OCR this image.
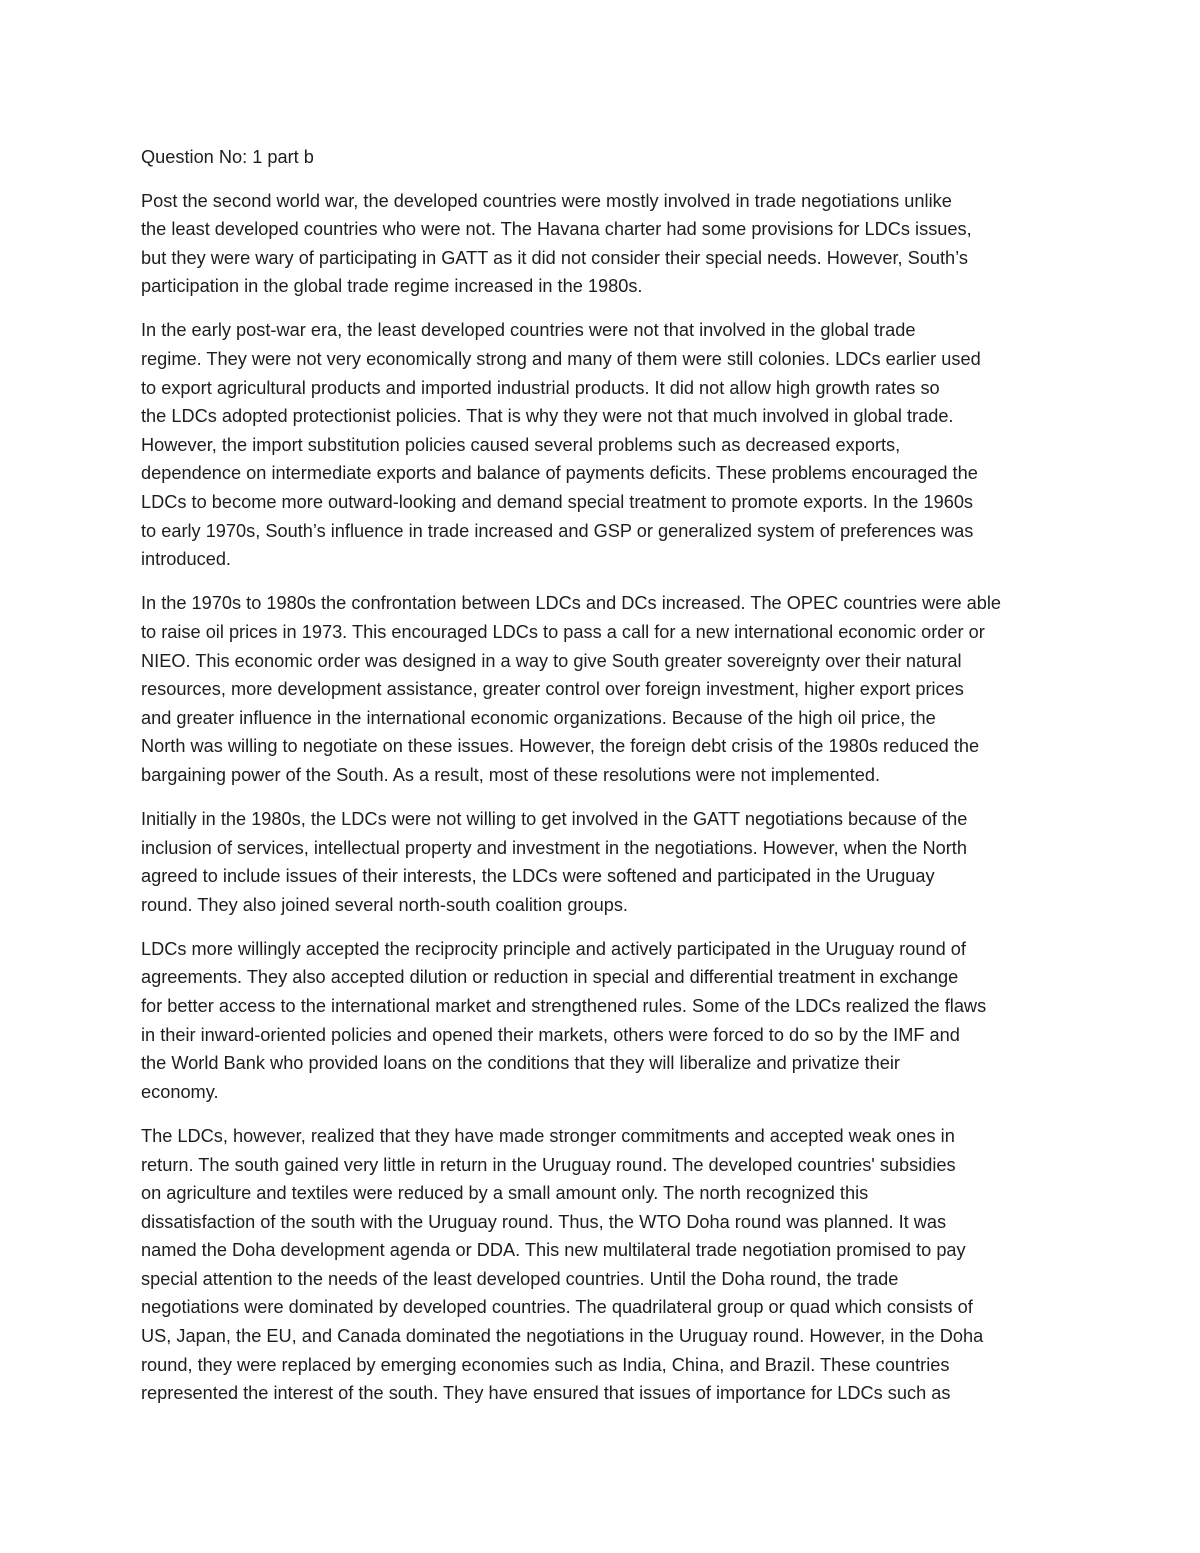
Question No: 1 part b
Post the second world war, the developed countries were mostly involved in trade negotiations unlike
the least developed countries who were not. The Havana charter had some provisions for LDCs issues,
but they were wary of participating in GATT as it did not consider their special needs. However, South’s
participation in the global trade regime increased in the 1980s.
In the early post-war era, the least developed countries were not that involved in the global trade
regime. They were not very economically strong and many of them were still colonies. LDCs earlier used
to export agricultural products and imported industrial products. It did not allow high growth rates so
the LDCs adopted protectionist policies. That is why they were not that much involved in global trade.
However, the import substitution policies caused several problems such as decreased exports,
dependence on intermediate exports and balance of payments deficits. These problems encouraged the
LDCs to become more outward-looking and demand special treatment to promote exports. In the 1960s
to early 1970s, South’s influence in trade increased and GSP or generalized system of preferences was
introduced.
In the 1970s to 1980s the confrontation between LDCs and DCs increased. The OPEC countries were able
to raise oil prices in 1973. This encouraged LDCs to pass a call for a new international economic order or
NIEO. This economic order was designed in a way to give South greater sovereignty over their natural
resources, more development assistance, greater control over foreign investment, higher export prices
and greater influence in the international economic organizations. Because of the high oil price, the
North was willing to negotiate on these issues. However, the foreign debt crisis of the 1980s reduced the
bargaining power of the South. As a result, most of these resolutions were not implemented.
Initially in the 1980s, the LDCs were not willing to get involved in the GATT negotiations because of the
inclusion of services, intellectual property and investment in the negotiations. However, when the North
agreed to include issues of their interests, the LDCs were softened and participated in the Uruguay
round. They also joined several north-south coalition groups.
LDCs more willingly accepted the reciprocity principle and actively participated in the Uruguay round of
agreements. They also accepted dilution or reduction in special and differential treatment in exchange
for better access to the international market and strengthened rules. Some of the LDCs realized the flaws
in their inward-oriented policies and opened their markets, others were forced to do so by the IMF and
the World Bank who provided loans on the conditions that they will liberalize and privatize their
economy.
The LDCs, however, realized that they have made stronger commitments and accepted weak ones in
return. The south gained very little in return in the Uruguay round. The developed countries' subsidies
on agriculture and textiles were reduced by a small amount only. The north recognized this
dissatisfaction of the south with the Uruguay round. Thus, the WTO Doha round was planned. It was
named the Doha development agenda or DDA. This new multilateral trade negotiation promised to pay
special attention to the needs of the least developed countries. Until the Doha round, the trade
negotiations were dominated by developed countries. The quadrilateral group or quad which consists of
US, Japan, the EU, and Canada dominated the negotiations in the Uruguay round. However, in the Doha
round, they were replaced by emerging economies such as India, China, and Brazil. These countries
represented the interest of the south. They have ensured that issues of importance for LDCs such as
